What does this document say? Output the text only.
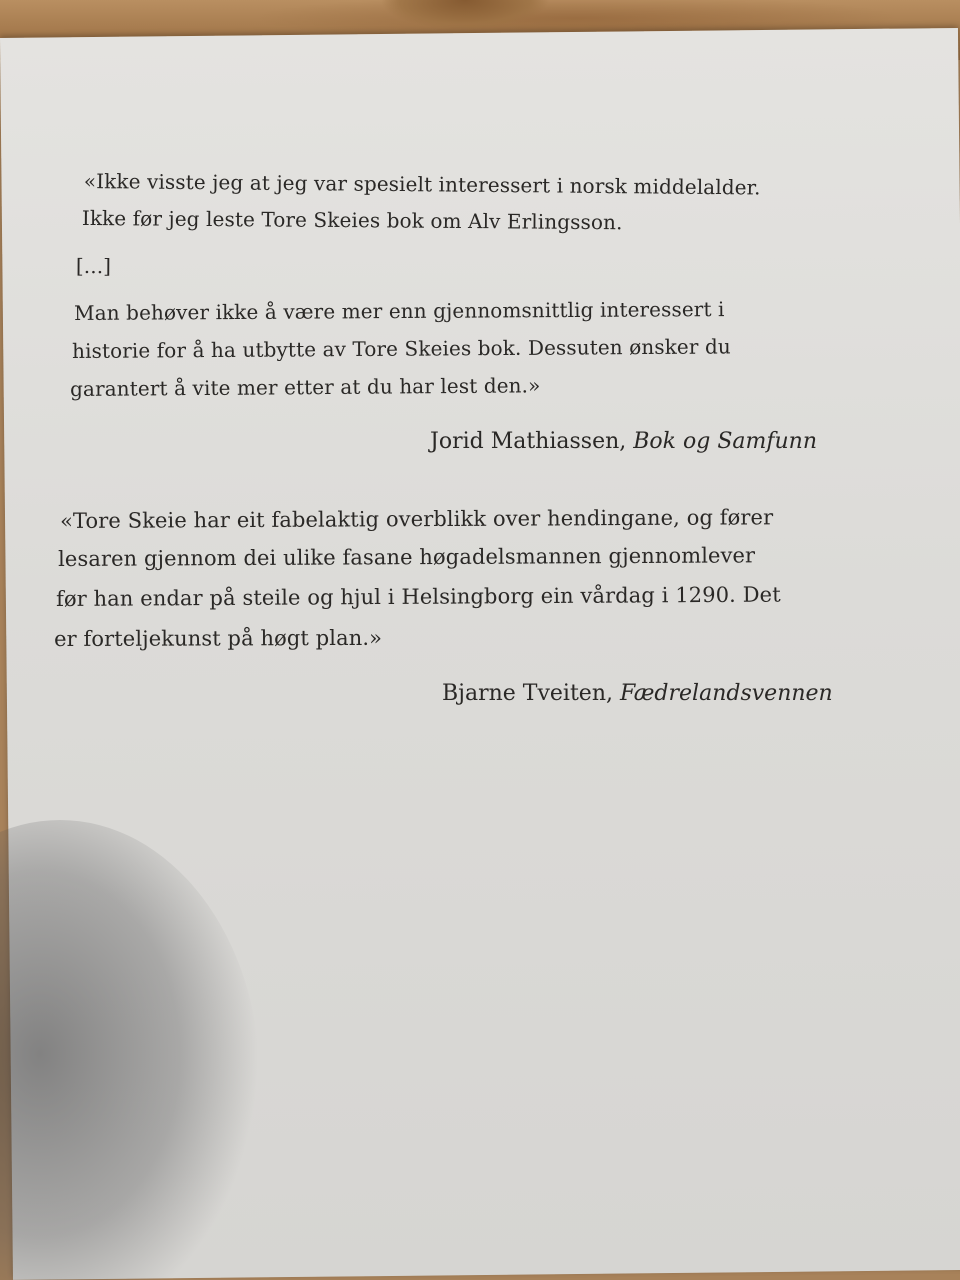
«Ikke visste jeg at jeg var spesielt interessert i norsk middelalder.
Ikke før jeg leste Tore Skeies bok om Alv Erlingsson.
[...]
Man behøver ikke å være mer enn gjennomsnittlig interessert i
historie for å ha utbytte av Tore Skeies bok. Dessuten ønsker du
garantert å vite mer etter at du har lest den.»
Jorid Mathiassen, Bok og Samfunn
«Tore Skeie har eit fabelaktig overblikk over hendingane, og fører
lesaren gjennom dei ulike fasane høgadelsmannen gjennomlever
før han endar på steile og hjul i Helsingborg ein vårdag i 1290. Det
er forteljekunst på høgt plan.»
Bjarne Tveiten, Fædrelandsvennen
